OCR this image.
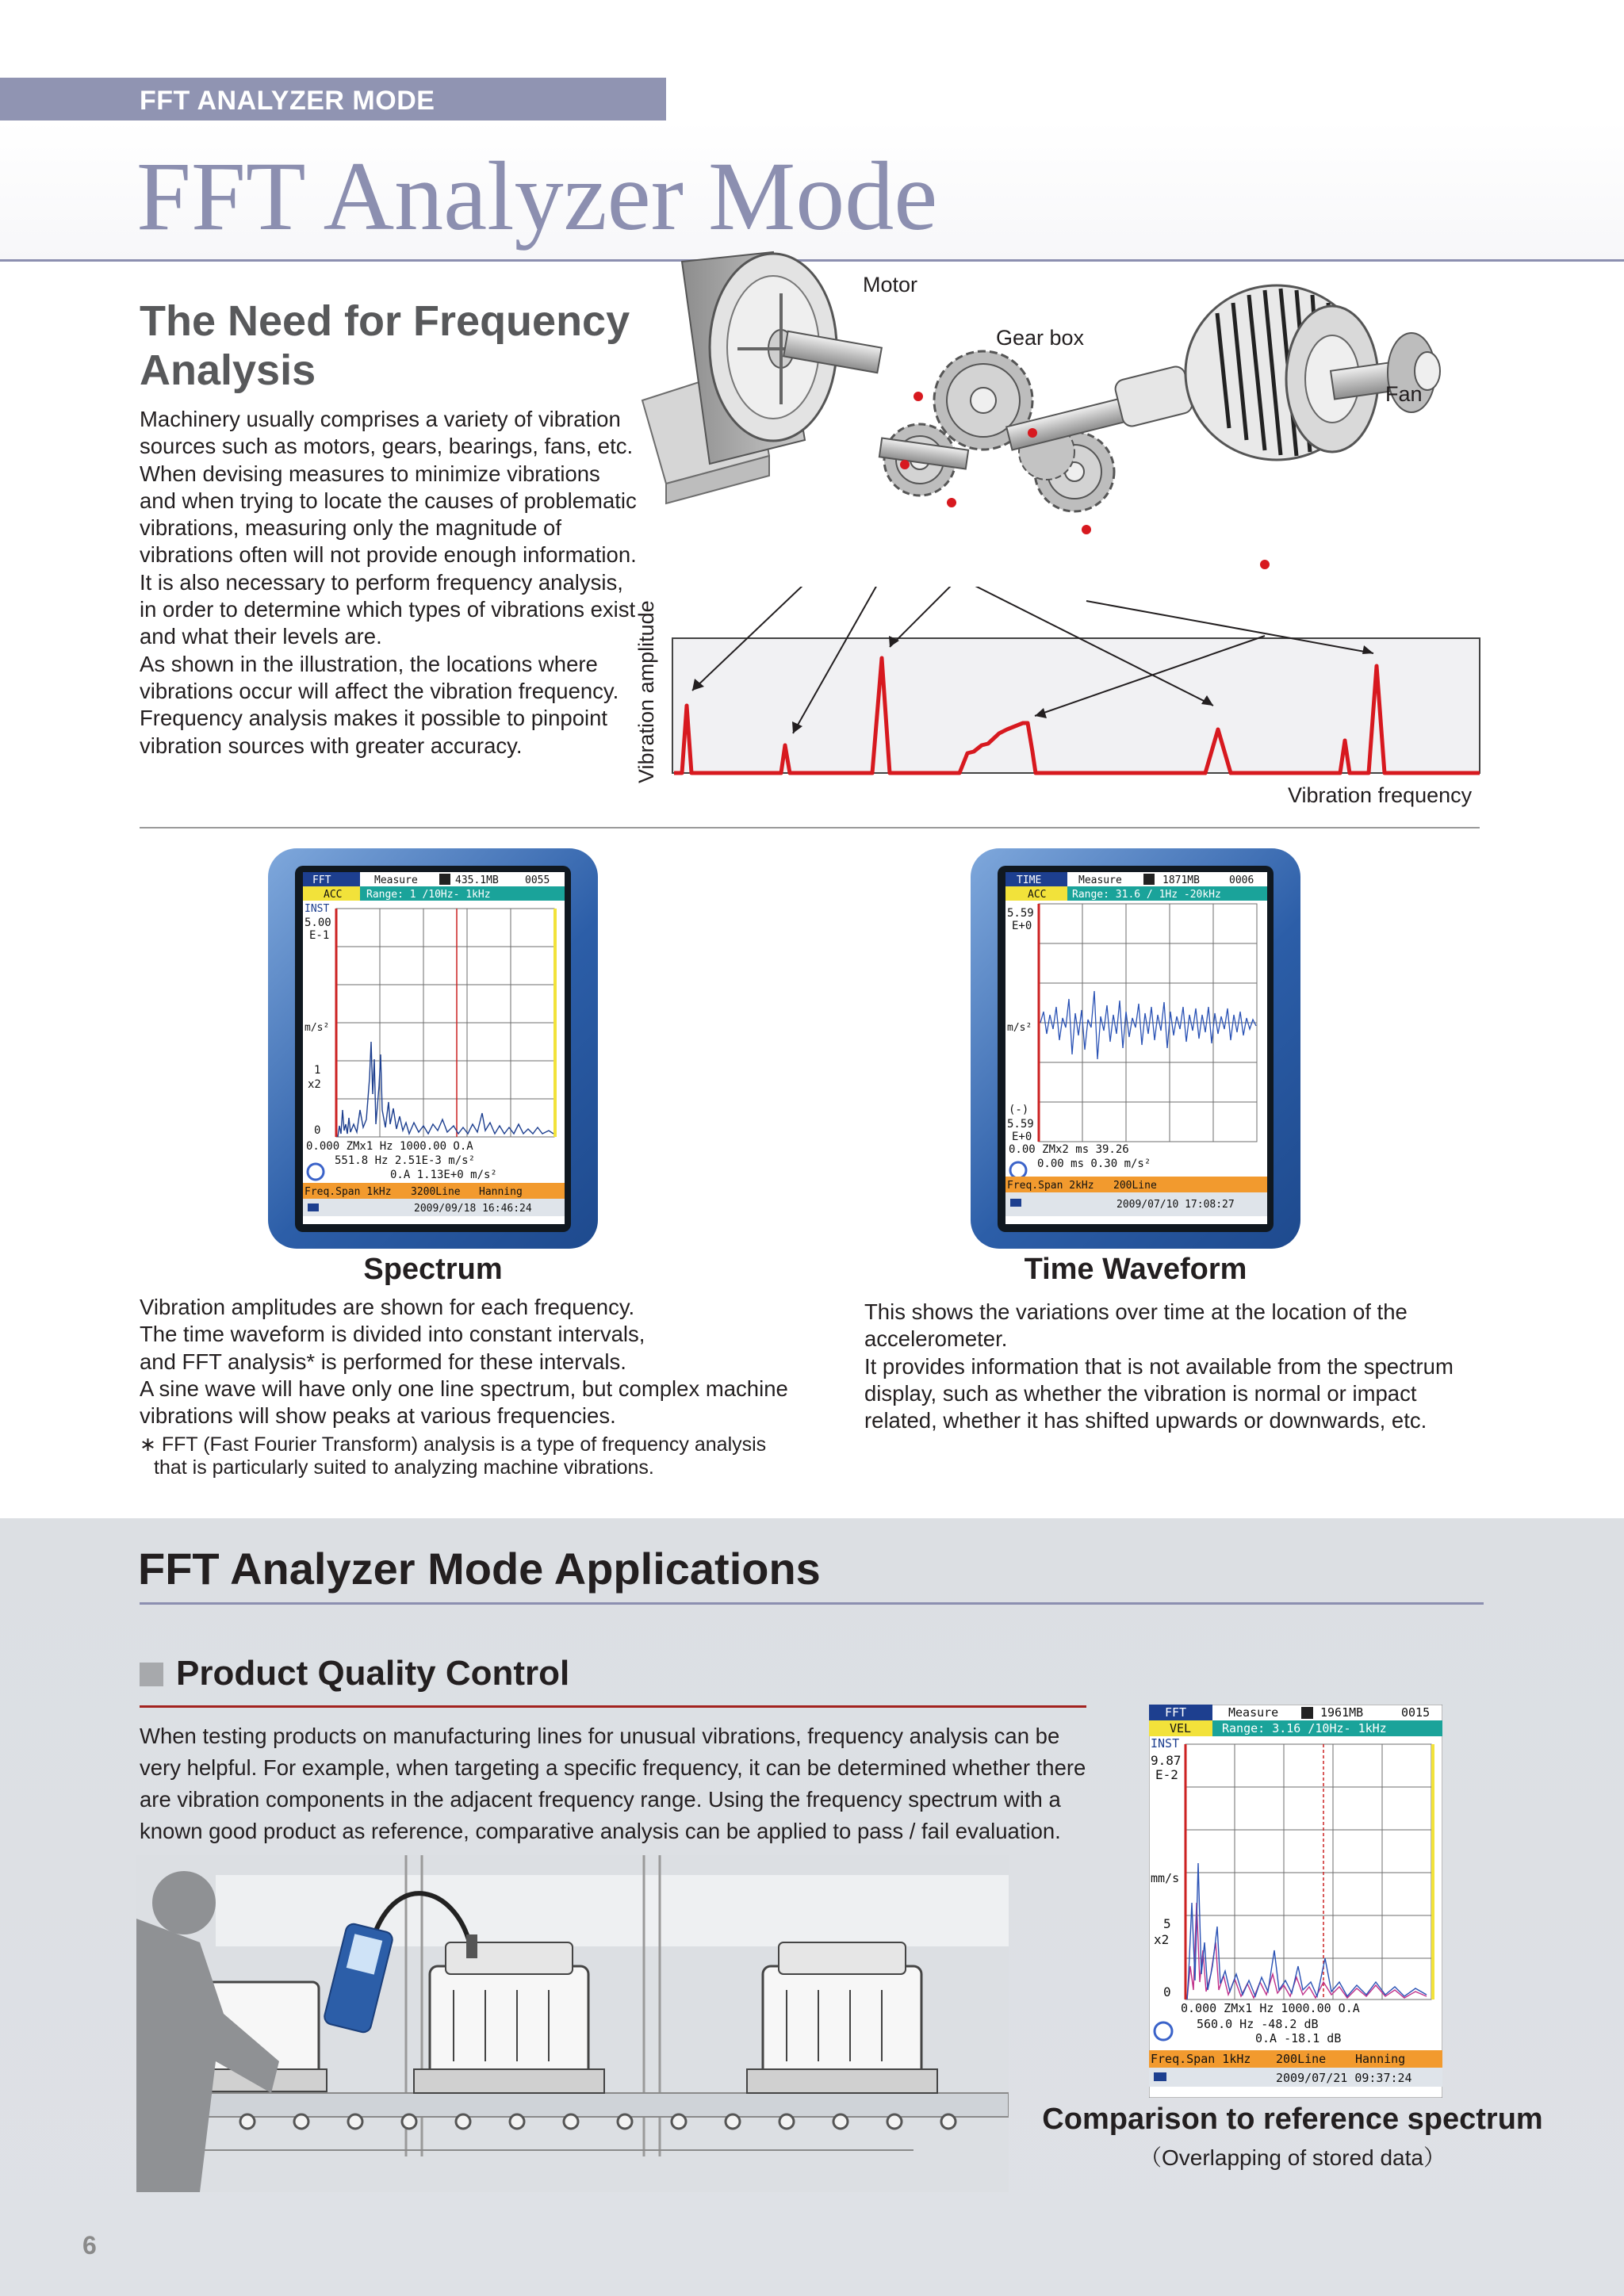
FFT ANALYZER MODE
FFT Analyzer Mode
The Need for Frequency
Analysis

Machinery usually comprises a variety of vibration sources such as motors, gears, bearings, fans, etc. When devising measures to minimize vibrations and when trying to locate the causes of problematic vibrations, measuring only the magnitude of vibrations often will not provide enough information. It is also necessary to perform frequency analysis, in order to determine which types of vibrations exist and what their levels are.

As shown in the illustration, the locations where vibrations occur will affect the vibration frequency. Frequency analysis makes it possible to pinpoint vibration sources with greater accuracy.

Motor
Gear box
Fan
Vibration amplitude
Vibration frequency
FFT	Measure	435.1MB	0055
ACC Range: 1 /10Hz- 1kHz
INST
5.00
E-1
m/s²
1
x2
0
0.000 ZMx1 Hz 1000.00 O.A
551.8 Hz 2.51E-3 m/s²
0.A 1.13E+0 m/s²
Freq.Span 1kHz 3200Line Hanning
2009/09/18 16:46:24
Spectrum
TIME	Measure	1871MB	0006
ACC	Range: 31.6 / 1Hz -20kHz
5.59
E+0
m/s²
(-)
5.59
E+0
0.00 ZMx2 ms 39.26
0.00 ms 0.30 m/s²
Freq.Span 2kHz 200Line
2009/07/10 17:08:27
Time Waveform

Vibration amplitudes are shown for each frequency.

The time waveform is divided into constant intervals,

and FFT analysis* is performed for these intervals.

A sine wave will have only one line spectrum, but complex machine vibrations will show peaks at various frequencies.

∗ FFT (Fast Fourier Transform) analysis is a type of frequency analysis
that is particularly suited to analyzing machine vibrations.

This shows the variations over time at the location of the accelerometer.

It provides information that is not available from the spectrum display, such as whether the vibration is normal or impact related, whether it has shifted upwards or downwards, etc.

FFT Analyzer Mode Applications
Product Quality Control
When testing products on manufacturing lines for unusual vibrations, frequency analysis can be very helpful. For example, when targeting a specific frequency, it can be determined whether there are vibration components in the adjacent frequency range. Using the frequency spectrum with a known good product as reference, comparative analysis can be applied to pass / fail evaluation.
FFT	Measure	1961MB	0015
VEL	Range: 3.16 /10Hz- 1kHz
INST
9.87
E-2
mm/s
5
x2
0
0.000 ZMx1 Hz 1000.00 O.A
560.0 Hz -48.2 dB
0.A -18.1 dB
Freq.Span 1kHz 200Line Hanning
2009/07/21 09:37:24
Comparison to reference spectrum
（Overlapping of stored data）
6
